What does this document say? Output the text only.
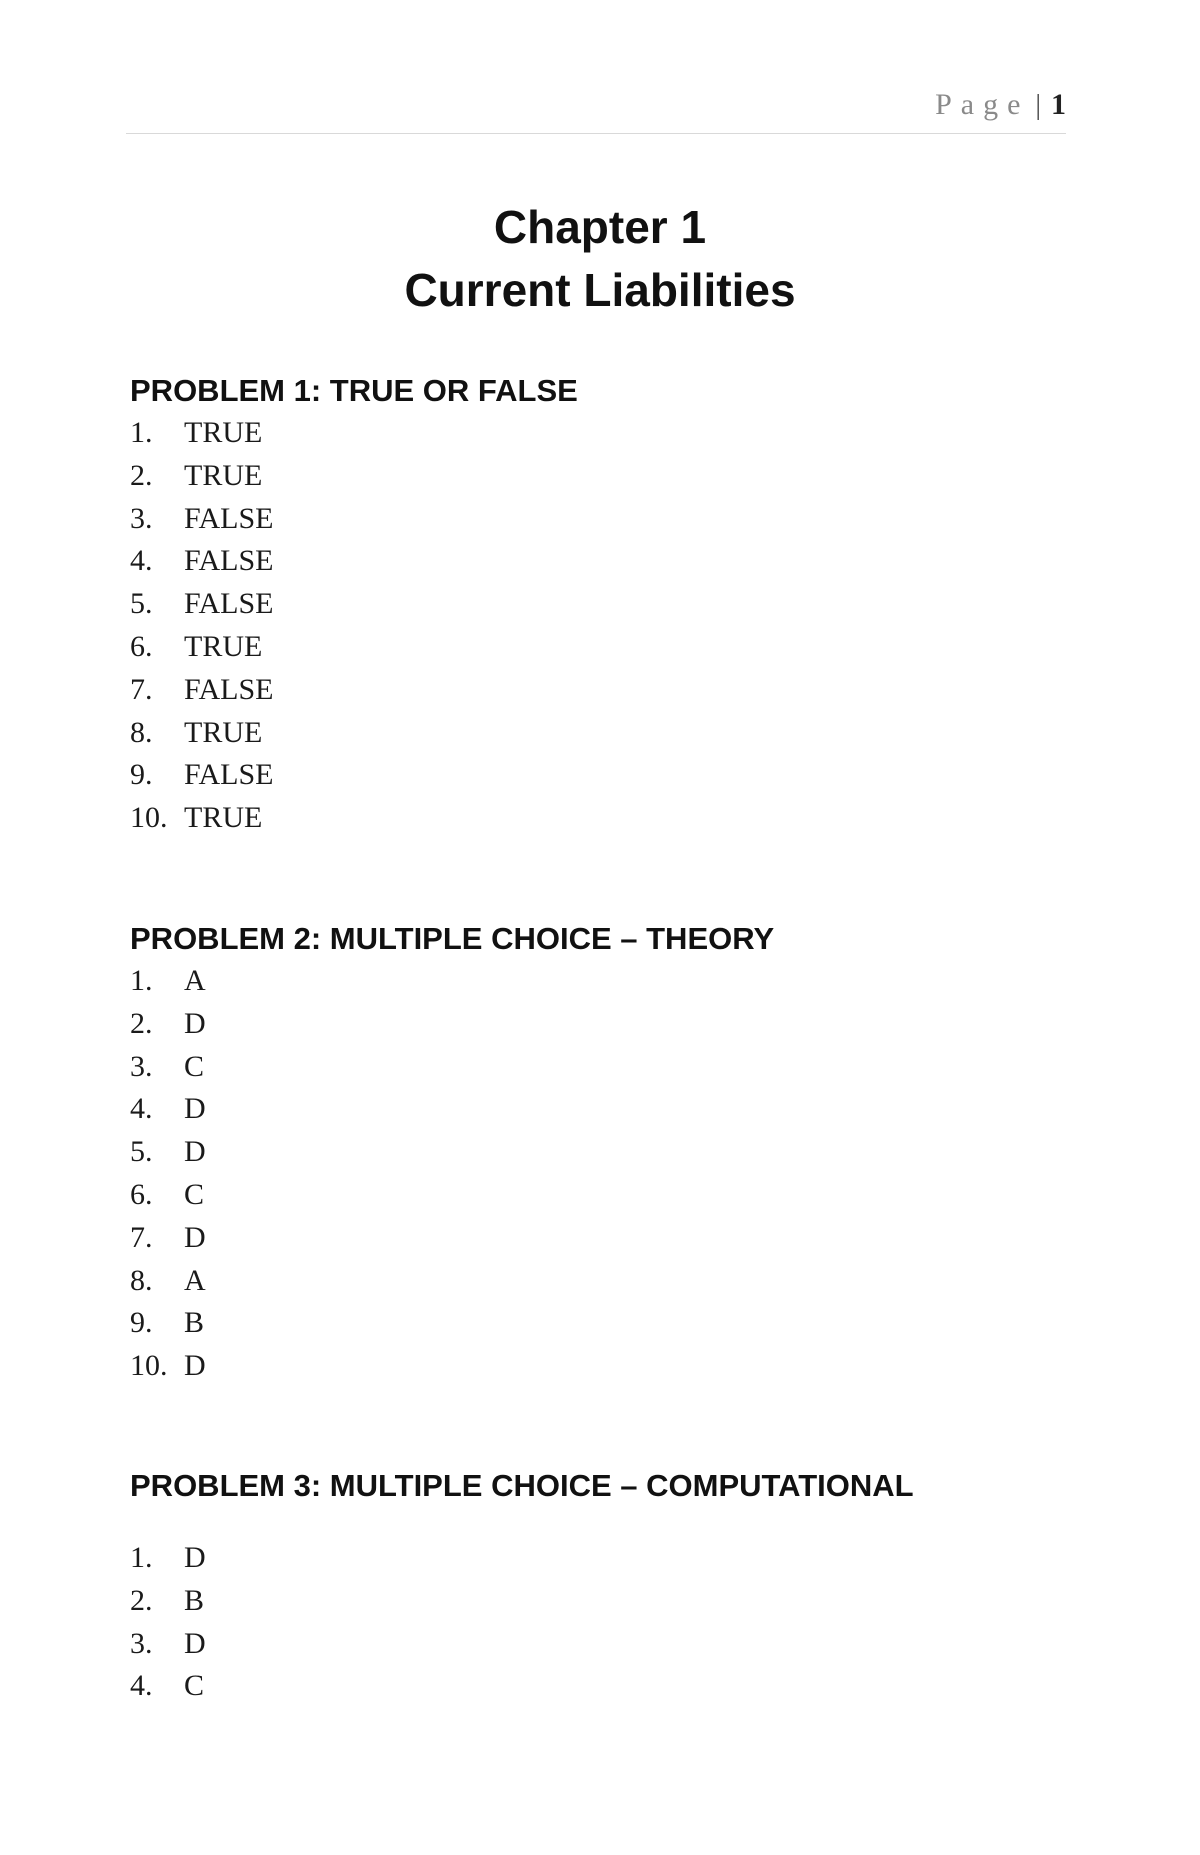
Page | 1
Chapter 1
Current Liabilities
PROBLEM 1: TRUE OR FALSE
1. TRUE
2. TRUE
3. FALSE
4. FALSE
5. FALSE
6. TRUE
7. FALSE
8. TRUE
9. FALSE
10. TRUE
PROBLEM 2: MULTIPLE CHOICE – THEORY
1. A
2. D
3. C
4. D
5. D
6. C
7. D
8. A
9. B
10. D
PROBLEM 3: MULTIPLE CHOICE – COMPUTATIONAL
1. D
2. B
3. D
4. C
